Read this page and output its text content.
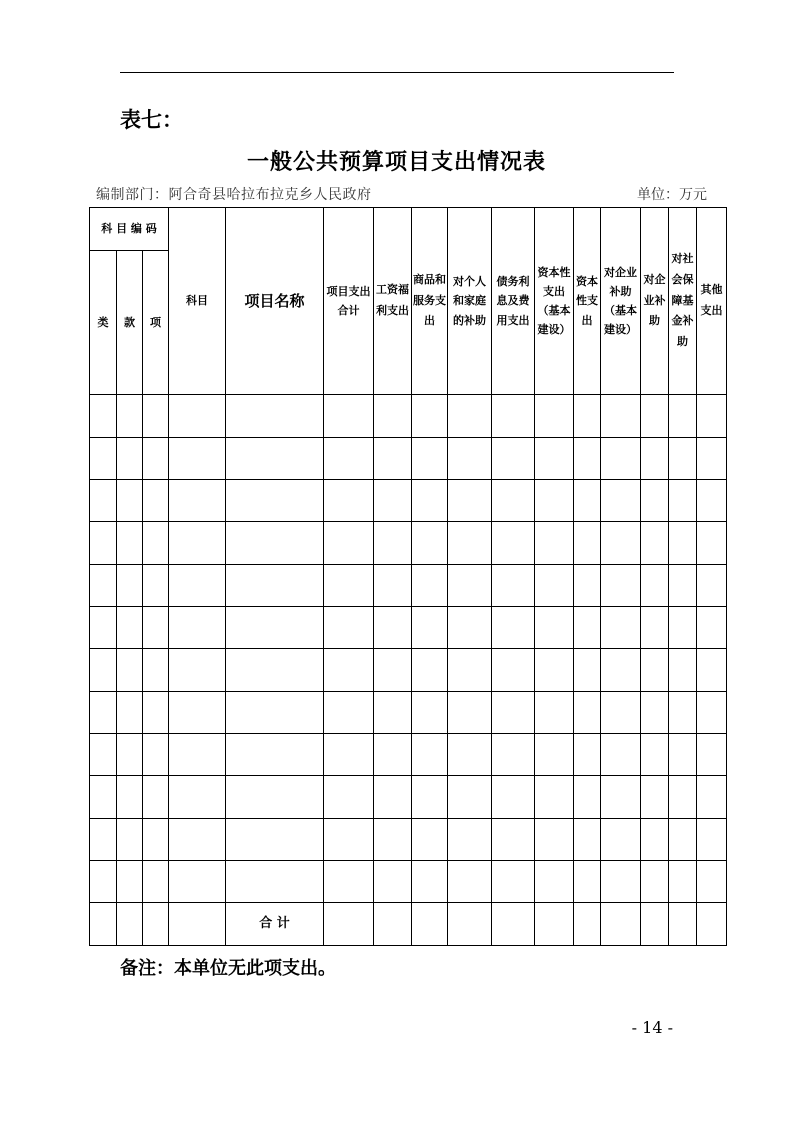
表七：
一般公共预算项目支出情况表
编制部门：阿合奇县哈拉布拉克乡人民政府	单位：万元
科 目 编 码			科目	项目名称	项目支出合计	工资福利支出	商品和服务支出	对个人和家庭的补助	债务利息及费用支出	资本性支出（基本建设）	资本性支出	对企业补助（基本建设）	对企业补助	对社会保障基金补助	其他支出
类	款	项													

				合 计											
备注：本单位无此项支出。
- 14 -
